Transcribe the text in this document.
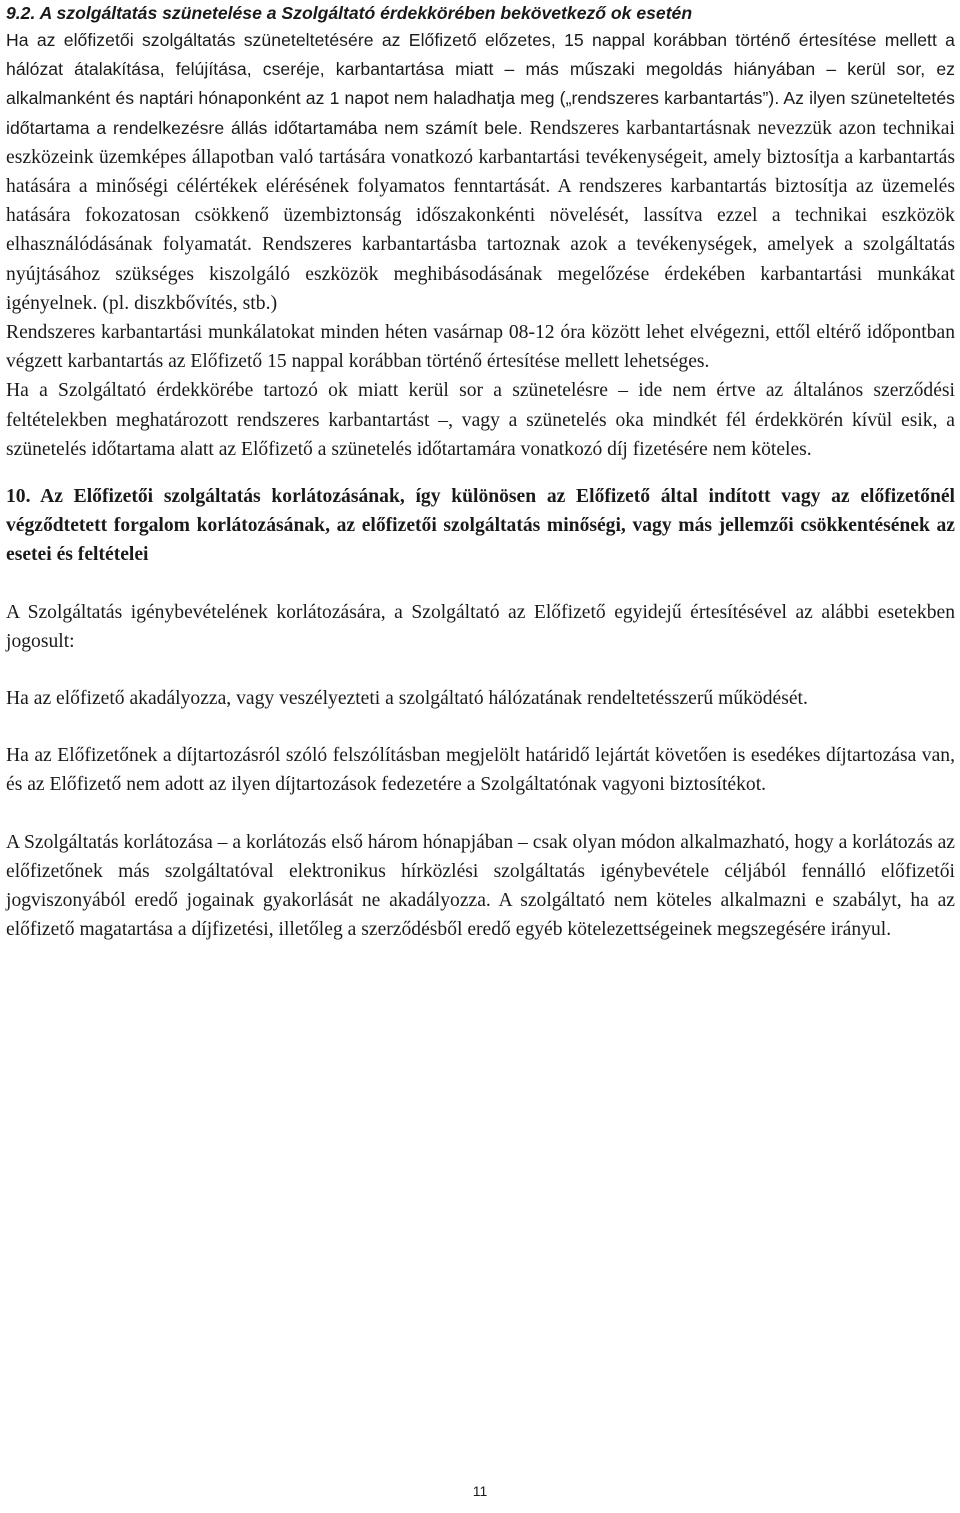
9.2. A szolgáltatás szünetelése a Szolgáltató érdekkörében bekövetkező ok esetén

Ha az előfizetői szolgáltatás szüneteltetésére az Előfizető előzetes, 15 nappal korábban történő értesítése mellett a hálózat átalakítása, felújítása, cseréje, karbantartása miatt – más műszaki megoldás hiányában – kerül sor, ez alkalmanként és naptári hónaponként az 1 napot nem haladhatja meg („rendszeres karbantartás”). Az ilyen szüneteltetés időtartama a rendelkezésre állás időtartamába nem számít bele. Rendszeres karbantartásnak nevezzük azon technikai eszközeink üzemképes állapotban való tartására vonatkozó karbantartási tevékenységeit, amely biztosítja a karbantartás hatására a minőségi célértékek elérésének folyamatos fenntartását. A rendszeres karbantartás biztosítja az üzemelés hatására fokozatosan csökkenő üzembiztonság időszakonkénti növelését, lassítva ezzel a technikai eszközök elhasználódásának folyamatát. Rendszeres karbantartásba tartoznak azok a tevékenységek, amelyek a szolgáltatás nyújtásához szükséges kiszolgáló eszközök meghibásodásának megelőzése érdekében karbantartási munkákat igényelnek. (pl. diszkbővítés, stb.)

Rendszeres karbantartási munkálatokat minden héten vasárnap 08-12 óra között lehet elvégezni, ettől eltérő időpontban végzett karbantartás az Előfizető 15 nappal korábban történő értesítése mellett lehetséges.

Ha a Szolgáltató érdekkörébe tartozó ok miatt kerül sor a szünetelésre – ide nem értve az általános szerződési feltételekben meghatározott rendszeres karbantartást –, vagy a szünetelés oka mindkét fél érdekkörén kívül esik, a szünetelés időtartama alatt az Előfizető a szünetelés időtartamára vonatkozó díj fizetésére nem köteles.

10. Az Előfizetői szolgáltatás korlátozásának, így különösen az Előfizető által indított vagy az előfizetőnél végződtetett forgalom korlátozásának, az előfizetői szolgáltatás minőségi, vagy más jellemzői csökkentésének az esetei és feltételei

A Szolgáltatás igénybevételének korlátozására, a Szolgáltató az Előfizető egyidejű értesítésével az alábbi esetekben jogosult:

Ha az előfizető akadályozza, vagy veszélyezteti a szolgáltató hálózatának rendeltetésszerű működését.

Ha az Előfizetőnek a díjtartozásról szóló felszólításban megjelölt határidő lejártát követően is esedékes díjtartozása van, és az Előfizető nem adott az ilyen díjtartozások fedezetére a Szolgáltatónak vagyoni biztosítékot.

A Szolgáltatás korlátozása – a korlátozás első három hónapjában – csak olyan módon alkalmazható, hogy a korlátozás az előfizetőnek más szolgáltatóval elektronikus hírközlési szolgáltatás igénybevétele céljából fennálló előfizetői jogviszonyából eredő jogainak gyakorlását ne akadályozza. A szolgáltató nem köteles alkalmazni e szabályt, ha az előfizető magatartása a díjfizetési, illetőleg a szerződésből eredő egyéb kötelezettségeinek megszegésére irányul.

11
